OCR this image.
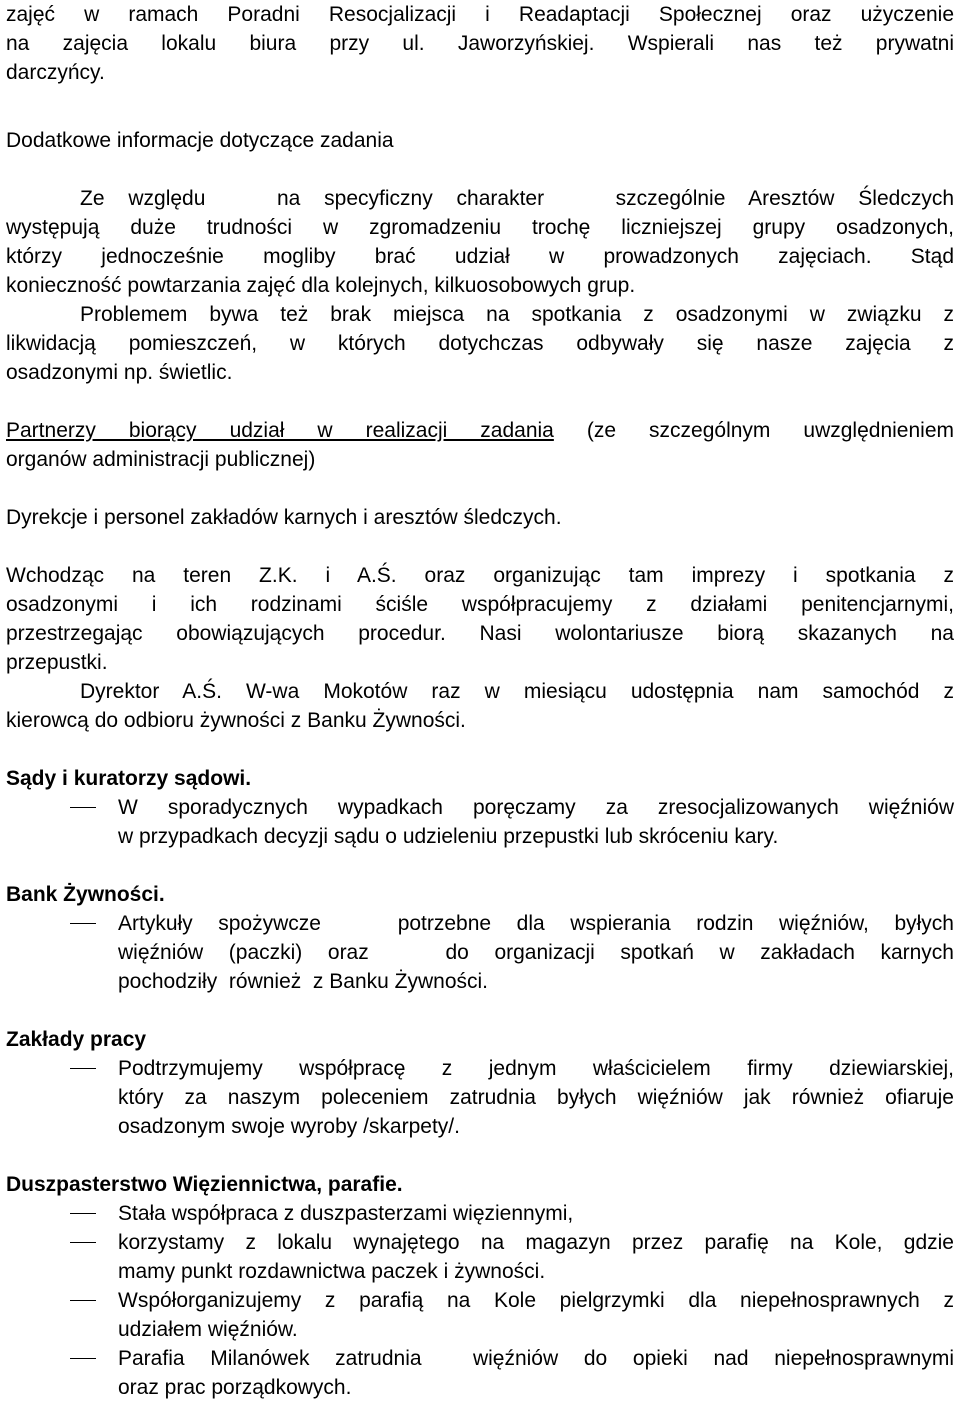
zajęć w ramach Poradni Resocjalizacji i Readaptacji Społecznej oraz użyczenie
na zajęcia lokalu biura przy ul. Jaworzyńskiej. Wspierali nas też prywatni
darczyńcy.
Dodatkowe informacje dotyczące zadania
Ze względu   na specyficzny charakter   szczególnie Aresztów Śledczych
występują duże trudności w zgromadzeniu trochę liczniejszej grupy osadzonych,
którzy jednocześnie mogliby brać udział w prowadzonych zajęciach. Stąd
konieczność powtarzania zajęć dla kolejnych, kilkuosobowych grup.
Problemem bywa też brak miejsca na spotkania z osadzonymi w związku z
likwidacją pomieszczeń, w których dotychczas odbywały się nasze zajęcia z
osadzonymi np. świetlic.
Partnerzy biorący udział w realizacji zadania (ze szczególnym uwzględnieniem
organów administracji publicznej)
Dyrekcje i personel zakładów karnych i aresztów śledczych.
Wchodząc na teren Z.K. i A.Ś. oraz organizując tam imprezy i spotkania z
osadzonymi i ich rodzinami ściśle współpracujemy z działami penitencjarnymi,
przestrzegając obowiązujących procedur. Nasi wolontariusze biorą skazanych na
przepustki.
Dyrektor A.Ś. W-wa Mokotów raz w miesiącu udostępnia nam samochód z
kierowcą do odbioru żywności z Banku Żywności.
Sądy i kuratorzy sądowi.
W sporadycznych wypadkach poręczamy za zresocjalizowanych więźniów
w przypadkach decyzji sądu o udzieleniu przepustki lub skróceniu kary.
Bank Żywności.
Artykuły spożywcze   potrzebne dla wspierania rodzin więźniów, byłych
więźniów (paczki) oraz   do organizacji spotkań w zakładach karnych
pochodziły  również  z Banku Żywności.
Zakłady pracy
Podtrzymujemy współpracę z jednym właścicielem firmy dziewiarskiej,
który za naszym poleceniem zatrudnia byłych więźniów jak również ofiaruje
osadzonym swoje wyroby /skarpety/.
Duszpasterstwo Więziennictwa, parafie.
Stała współpraca z duszpasterzami więziennymi,
korzystamy z lokalu wynajętego na magazyn przez parafię na Kole, gdzie
mamy punkt rozdawnictwa paczek i żywności.
Współorganizujemy z parafią na Kole pielgrzymki dla niepełnosprawnych z
udziałem więźniów.
Parafia Milanówek zatrudnia  więźniów do opieki nad niepełnosprawnymi
oraz prac porządkowych.
